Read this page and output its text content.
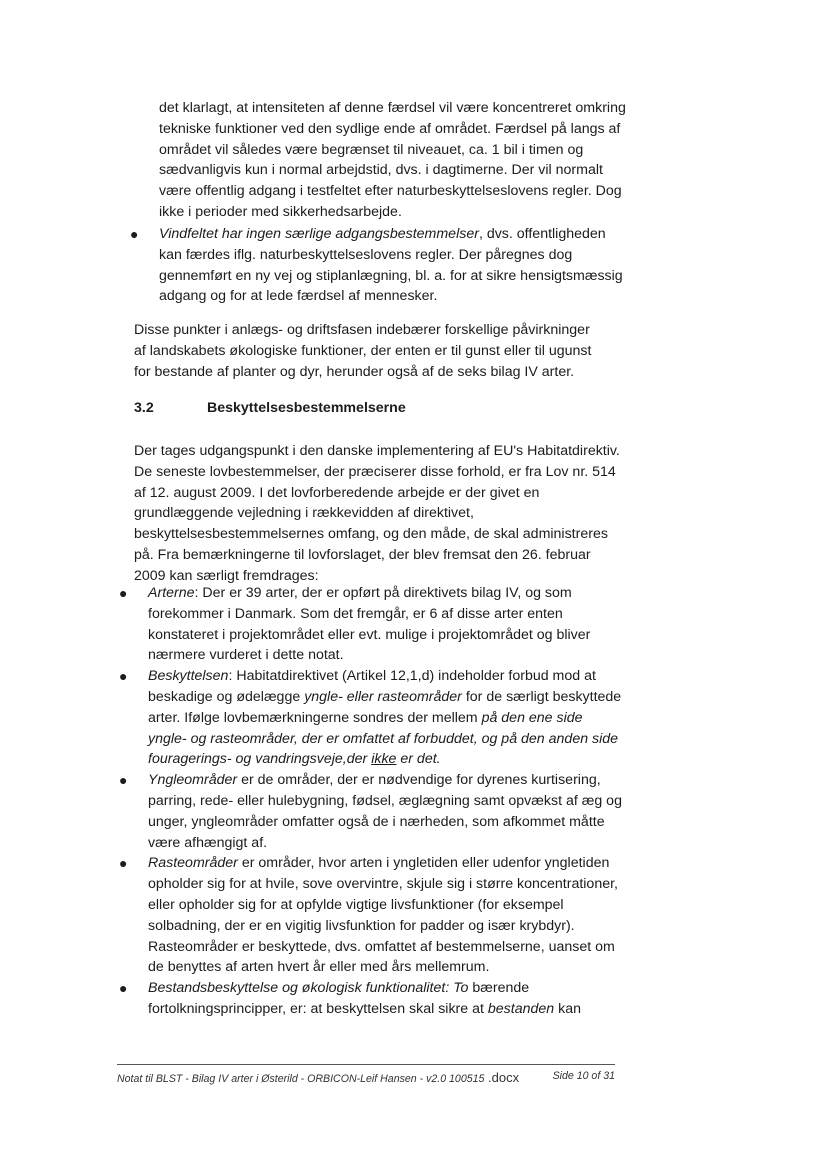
det klarlagt, at intensiteten af denne færdsel vil være koncentreret omkring tekniske funktioner ved den sydlige ende af området. Færdsel på langs af området vil således være begrænset til niveauet, ca. 1 bil i timen og sædvanligvis kun i normal arbejdstid, dvs. i dagtimerne. Der vil normalt være offentlig adgang i testfeltet efter naturbeskyttelseslovens regler. Dog ikke i perioder med sikkerhedsarbejde.
● Vindfeltet har ingen særlige adgangsbestemmelser, dvs. offentligheden kan færdes iflg. naturbeskyttelseslovens regler. Der påregnes dog gennemført en ny vej og stiplanlægning, bl. a. for at sikre hensigtsmæssig adgang og for at lede færdsel af mennesker.
Disse punkter i anlægs- og driftsfasen indebærer forskellige påvirkninger af landskabets økologiske funktioner, der enten er til gunst eller til ugunst for bestande af planter og dyr, herunder også af de seks bilag IV arter.
3.2	Beskyttelsesbestemmelserne
Der tages udgangspunkt i den danske implementering af EU's Habitatdirektiv. De seneste lovbestemmelser, der præciserer disse forhold, er fra Lov nr. 514 af 12. august 2009. I det lovforberedende arbejde er der givet en grundlæggende vejledning i rækkevidden af direktivet, beskyttelsesbestemmelsernes omfang, og den måde, de skal administreres på. Fra bemærkningerne til lovforslaget, der blev fremsat den 26. februar 2009 kan særligt fremdrages:
● Arterne: Der er 39 arter, der er opført på direktivets bilag IV, og som forekommer i Danmark. Som det fremgår, er 6 af disse arter enten konstateret i projektområdet eller evt. mulige i projektområdet og bliver nærmere vurderet i dette notat.
● Beskyttelsen: Habitatdirektivet (Artikel 12,1,d) indeholder forbud mod at beskadige og ødelægge yngle- eller rasteområder for de særligt beskyttede arter. Ifølge lovbemærkningerne sondres der mellem på den ene side yngle- og rasteområder, der er omfattet af forbuddet, og på den anden side fouragerings- og vandringsveje,der ikke er det.
● Yngleområder er de områder, der er nødvendige for dyrenes kurtisering, parring, rede- eller hulebygning, fødsel, æglægning samt opvækst af æg og unger, yngleområder omfatter også de i nærheden, som afkommet måtte være afhængigt af.
● Rasteområder er områder, hvor arten i yngletiden eller udenfor yngletiden opholder sig for at hvile, sove overvintre, skjule sig i større koncentrationer, eller opholder sig for at opfylde vigtige livsfunktioner (for eksempel solbadning, der er en vigitig livsfunktion for padder og især krybdyr). Rasteområder er beskyttede, dvs. omfattet af bestemmelserne, uanset om de benyttes af arten hvert år eller med års mellemrum.
● Bestandsbeskyttelse og økologisk funktionalitet: To bærende fortolkningsprincipper, er: at beskyttelsen skal sikre at bestanden kan
Notat til BLST - Bilag IV arter i Østerild - ORBICON-Leif Hansen - v2.0 100515 .docx	Side 10 of 31
